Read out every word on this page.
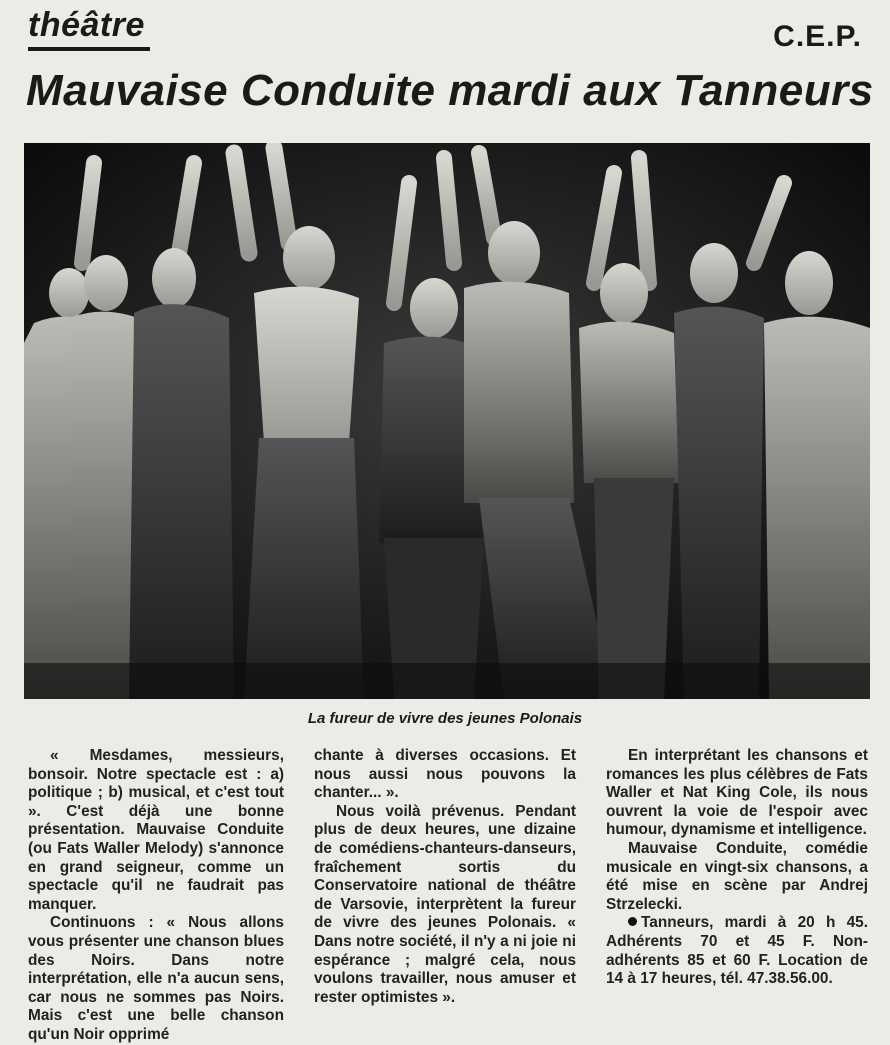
théâtre	C.E.P.
Mauvaise Conduite mardi aux Tanneurs
La fureur de vivre des jeunes Polonais

« Mesdames, messieurs, bonsoir. Notre spectacle est : a) politique ; b) musical, et c'est tout ». C'est déjà une bonne présentation. Mauvaise Conduite (ou Fats Waller Melody) s'annonce en grand seigneur, comme un spectacle qu'il ne faudrait pas manquer.

Continuons : « Nous allons vous présenter une chanson blues des Noirs. Dans notre interprétation, elle n'a aucun sens, car nous ne sommes pas Noirs. Mais c'est une belle chanson qu'un Noir opprimé

chante à diverses occasions. Et nous aussi nous pouvons la chanter... ».

Nous voilà prévenus. Pendant plus de deux heures, une dizaine de comédiens-chanteurs-danseurs, fraîchement sortis du Conservatoire national de théâtre de Varsovie, interprètent la fureur de vivre des jeunes Polonais. « Dans notre société, il n'y a ni joie ni espérance ; malgré cela, nous voulons travailler, nous amuser et rester optimistes ».

En interprétant les chansons et romances les plus célèbres de Fats Waller et Nat King Cole, ils nous ouvrent la voie de l'espoir avec humour, dynamisme et intelligence.

Mauvaise Conduite, comédie musicale en vingt-six chansons, a été mise en scène par Andrej Strzelecki.

Tanneurs, mardi à 20 h 45. Adhérents 70 et 45 F. Non-adhérents 85 et 60 F. Location de 14 à 17 heures, tél. 47.38.56.00.
